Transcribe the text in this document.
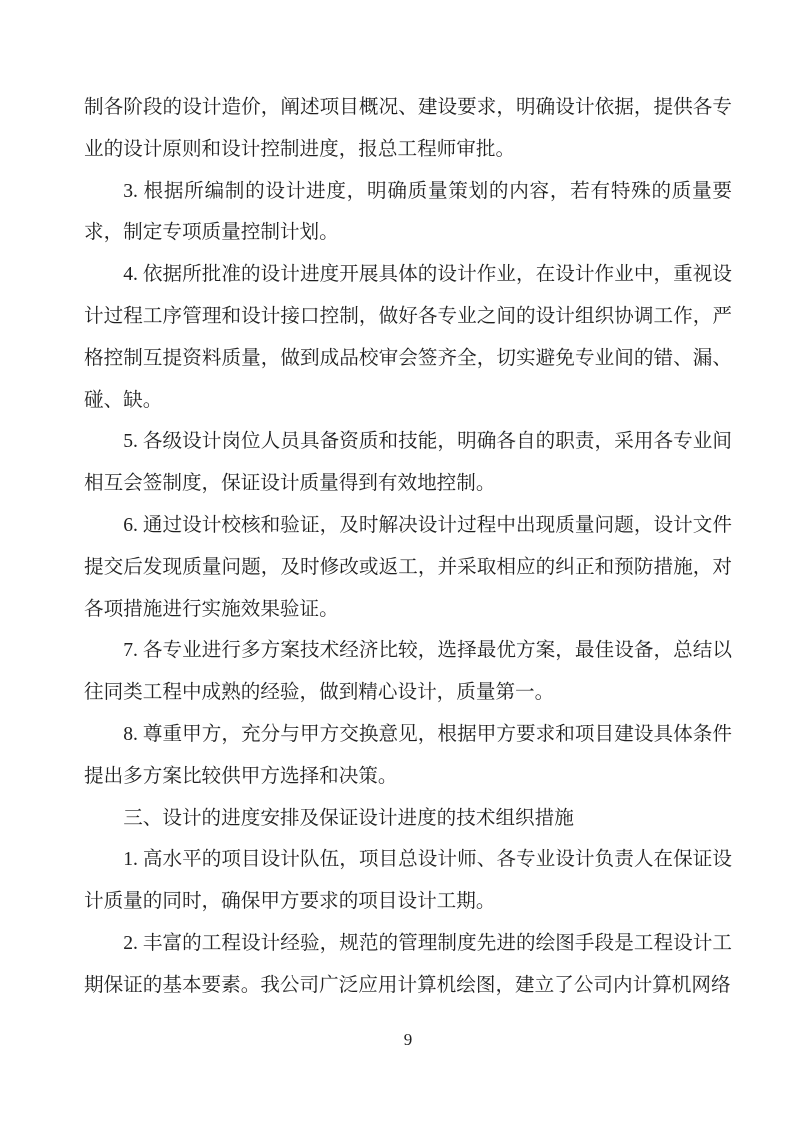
制各阶段的设计造价，阐述项目概况、建设要求，明确设计依据，提供各专业的设计原则和设计控制进度，报总工程师审批。

3. 根据所编制的设计进度，明确质量策划的内容，若有特殊的质量要求，制定专项质量控制计划。

4. 依据所批准的设计进度开展具体的设计作业，在设计作业中，重视设计过程工序管理和设计接口控制，做好各专业之间的设计组织协调工作，严格控制互提资料质量，做到成品校审会签齐全，切实避免专业间的错、漏、碰、缺。

5. 各级设计岗位人员具备资质和技能，明确各自的职责，采用各专业间相互会签制度，保证设计质量得到有效地控制。

6. 通过设计校核和验证，及时解决设计过程中出现质量问题，设计文件提交后发现质量问题，及时修改或返工，并采取相应的纠正和预防措施，对各项措施进行实施效果验证。

7. 各专业进行多方案技术经济比较，选择最优方案，最佳设备，总结以往同类工程中成熟的经验，做到精心设计，质量第一。

8. 尊重甲方，充分与甲方交换意见，根据甲方要求和项目建设具体条件提出多方案比较供甲方选择和决策。

三、设计的进度安排及保证设计进度的技术组织措施

1. 高水平的项目设计队伍，项目总设计师、各专业设计负责人在保证设计质量的同时，确保甲方要求的项目设计工期。

2. 丰富的工程设计经验，规范的管理制度先进的绘图手段是工程设计工期保证的基本要素。我公司广泛应用计算机绘图，建立了公司内计算机网络

9
